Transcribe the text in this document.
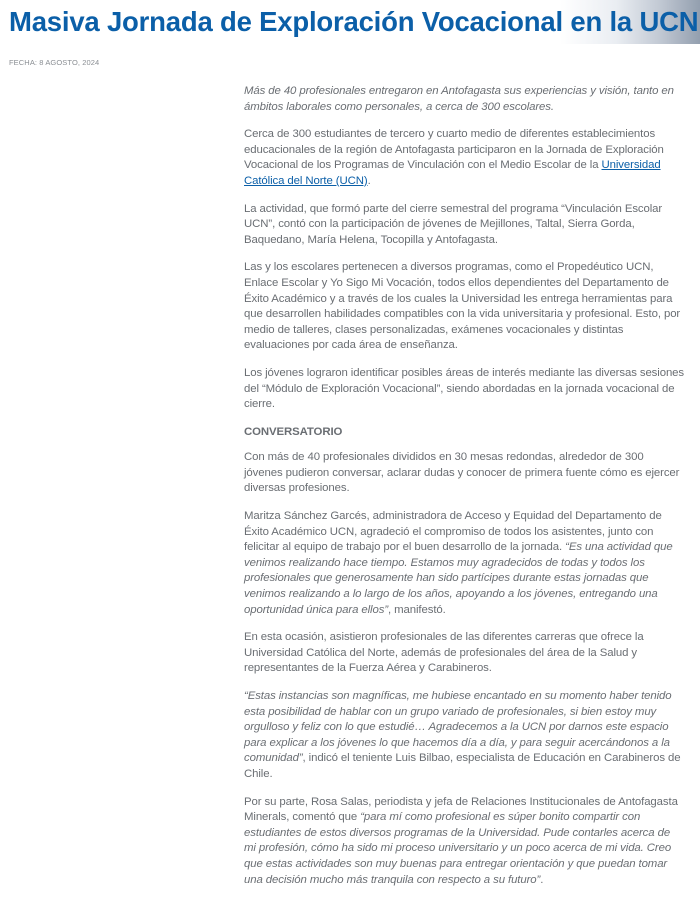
Masiva Jornada de Exploración Vocacional en la UCN
FECHA: 8 AGOSTO, 2024

Más de 40 profesionales entregaron en Antofagasta sus experiencias y visión, tanto en ámbitos laborales como personales, a cerca de 300 escolares.

Cerca de 300 estudiantes de tercero y cuarto medio de diferentes establecimientos educacionales de la región de Antofagasta participaron en la Jornada de Exploración Vocacional de los Programas de Vinculación con el Medio Escolar de la Universidad Católica del Norte (UCN).

La actividad, que formó parte del cierre semestral del programa “Vinculación Escolar UCN”, contó con la participación de jóvenes de Mejillones, Taltal, Sierra Gorda, Baquedano, María Helena, Tocopilla y Antofagasta.

Las y los escolares pertenecen a diversos programas, como el Propedéutico UCN, Enlace Escolar y Yo Sigo Mi Vocación, todos ellos dependientes del Departamento de Éxito Académico y a través de los cuales la Universidad les entrega herramientas para que desarrollen habilidades compatibles con la vida universitaria y profesional. Esto, por medio de talleres, clases personalizadas, exámenes vocacionales y distintas evaluaciones por cada área de enseñanza.

Los jóvenes lograron identificar posibles áreas de interés mediante las diversas sesiones del “Módulo de Exploración Vocacional”, siendo abordadas en la jornada vocacional de cierre.

CONVERSATORIO

Con más de 40 profesionales divididos en 30 mesas redondas, alrededor de 300 jóvenes pudieron conversar, aclarar dudas y conocer de primera fuente cómo es ejercer diversas profesiones.

Maritza Sánchez Garcés, administradora de Acceso y Equidad del Departamento de Éxito Académico UCN, agradeció el compromiso de todos los asistentes, junto con felicitar al equipo de trabajo por el buen desarrollo de la jornada. “Es una actividad que venimos realizando hace tiempo. Estamos muy agradecidos de todas y todos los profesionales que generosamente han sido partícipes durante estas jornadas que venimos realizando a lo largo de los años, apoyando a los jóvenes, entregando una oportunidad única para ellos”, manifestó.

En esta ocasión, asistieron profesionales de las diferentes carreras que ofrece la Universidad Católica del Norte, además de profesionales del área de la Salud y representantes de la Fuerza Aérea y Carabineros.

“Estas instancias son magníficas, me hubiese encantado en su momento haber tenido esta posibilidad de hablar con un grupo variado de profesionales, si bien estoy muy orgulloso y feliz con lo que estudié… Agradecemos a la UCN por darnos este espacio para explicar a los jóvenes lo que hacemos día a día, y para seguir acercándonos a la comunidad”, indicó el teniente Luis Bilbao, especialista de Educación en Carabineros de Chile.

Por su parte, Rosa Salas, periodista y jefa de Relaciones Institucionales de Antofagasta Minerals, comentó que “para mí como profesional es súper bonito compartir con estudiantes de estos diversos programas de la Universidad. Pude contarles acerca de mi profesión, cómo ha sido mi proceso universitario y un poco acerca de mi vida. Creo que estas actividades son muy buenas para entregar orientación y que puedan tomar una decisión mucho más tranquila con respecto a su futuro”.
